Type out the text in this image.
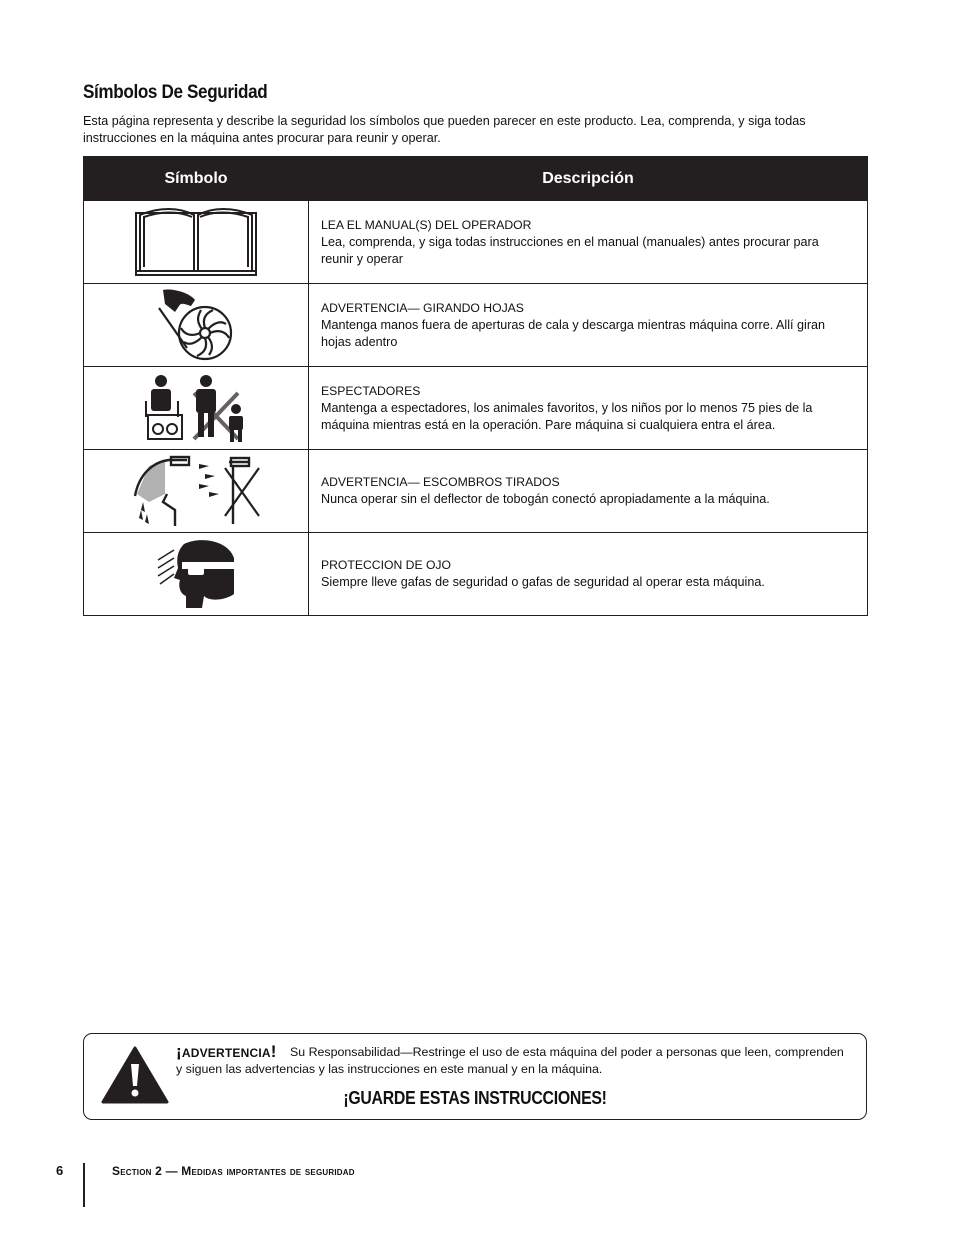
Símbolos De Seguridad

Esta página representa y describe la seguridad los símbolos que pueden parecer en este producto. Lea, comprenda, y siga todas instrucciones en la máquina antes procurar para reunir y operar.

Símbolo	Descripción

LEA EL MANUAL(S) DEL OPERADOR
Lea, comprenda, y siga todas instrucciones en el manual (manuales) antes procurar para reunir y operar

ADVERTENCIA— GIRANDO HOJAS
Mantenga manos fuera de aperturas de cala y descarga mientras máquina corre. Allí giran hojas adentro

ESPECTADORES
Mantenga a espectadores, los animales favoritos, y los niños por lo menos 75 pies de la máquina mientras está en la operación. Pare máquina si cualquiera entra el área.

ADVERTENCIA— ESCOMBROS TIRADOS
Nunca operar sin el deflector de tobogán conectó apropiadamente a la máquina.

PROTECCION DE OJO
Siempre lleve gafas de seguridad o gafas de seguridad al operar esta máquina.
Su Responsabilidad—Restringe el uso de esta máquina del poder a personas que leen, comprenden y siguen las advertencias y las instrucciones en este manual y en la máquina.
¡ADVERTENCIA!
¡GUARDE ESTAS INSTRUCCIONES!
6	Section 2 — Medidas importantes de seguridad
